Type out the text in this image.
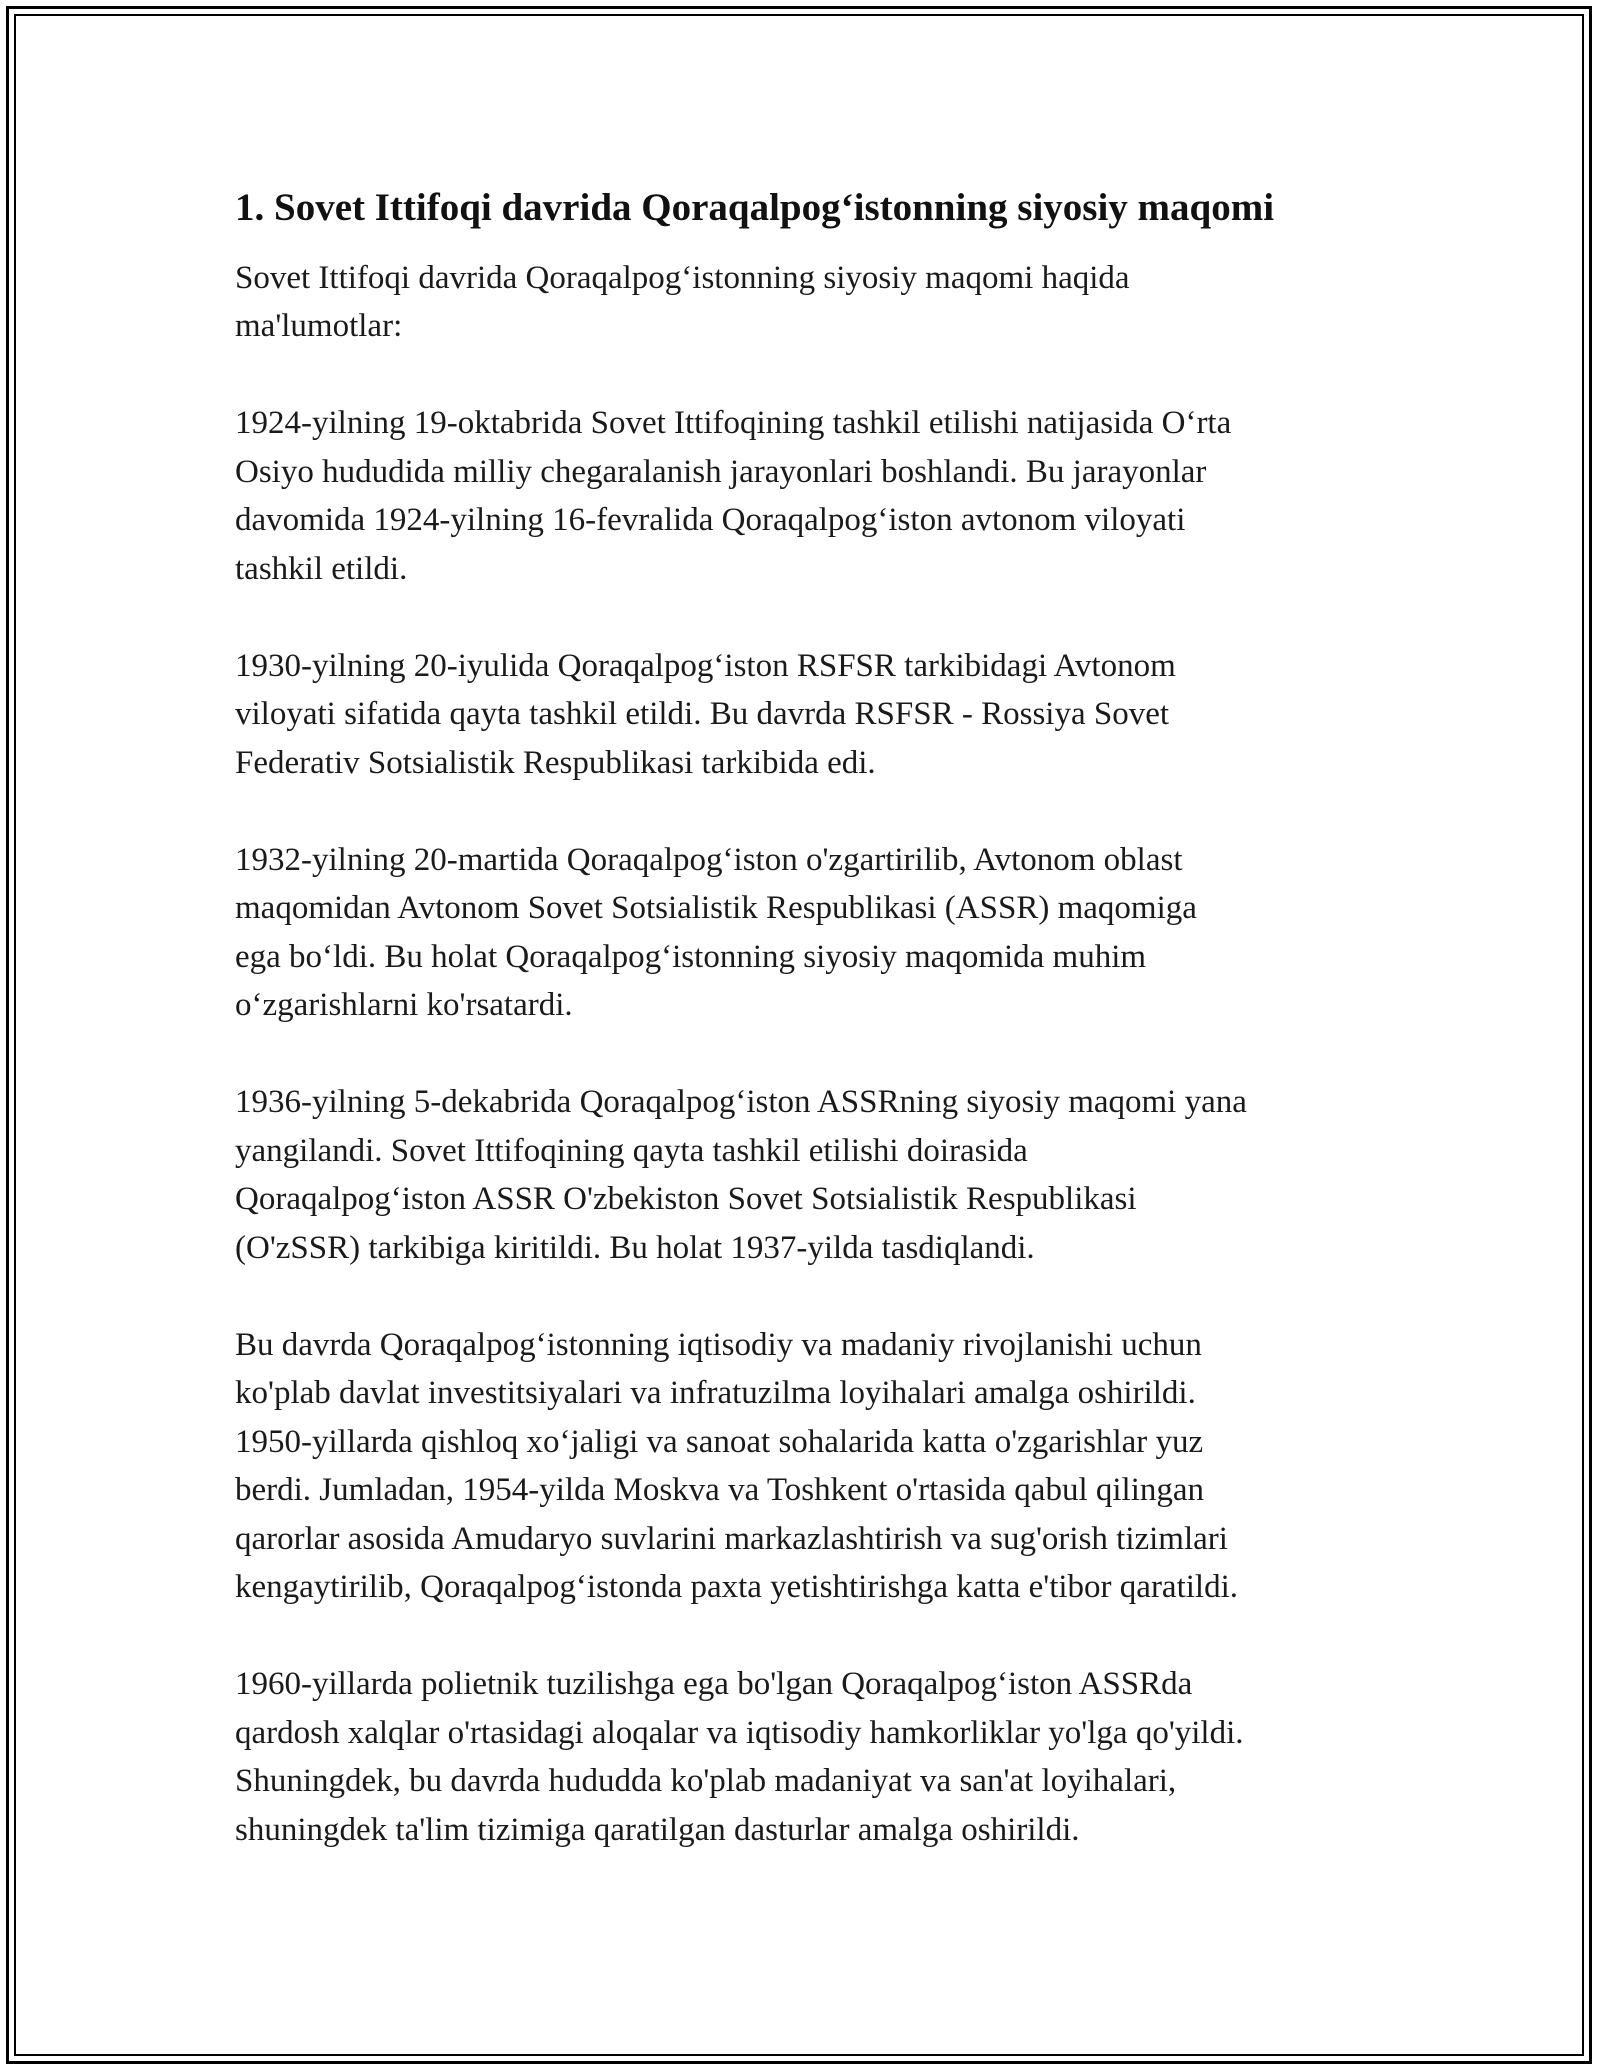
1. Sovet Ittifoqi davrida Qoraqalpog‘istonning siyosiy maqomi

Sovet Ittifoqi davrida Qoraqalpog‘istonning siyosiy maqomi haqida
ma'lumotlar:

1924-yilning 19-oktabrida Sovet Ittifoqining tashkil etilishi natijasida O‘rta
Osiyo hududida milliy chegaralanish jarayonlari boshlandi. Bu jarayonlar
davomida 1924-yilning 16-fevralida Qoraqalpog‘iston avtonom viloyati
tashkil etildi.

1930-yilning 20-iyulida Qoraqalpog‘iston RSFSR tarkibidagi Avtonom
viloyati sifatida qayta tashkil etildi. Bu davrda RSFSR - Rossiya Sovet
Federativ Sotsialistik Respublikasi tarkibida edi.

1932-yilning 20-martida Qoraqalpog‘iston o'zgartirilib, Avtonom oblast
maqomidan Avtonom Sovet Sotsialistik Respublikasi (ASSR) maqomiga
ega bo‘ldi. Bu holat Qoraqalpog‘istonning siyosiy maqomida muhim
o‘zgarishlarni ko'rsatardi.

1936-yilning 5-dekabrida Qoraqalpog‘iston ASSRning siyosiy maqomi yana
yangilandi. Sovet Ittifoqining qayta tashkil etilishi doirasida
Qoraqalpog‘iston ASSR O'zbekiston Sovet Sotsialistik Respublikasi
(O'zSSR) tarkibiga kiritildi. Bu holat 1937-yilda tasdiqlandi.

Bu davrda Qoraqalpog‘istonning iqtisodiy va madaniy rivojlanishi uchun
ko'plab davlat investitsiyalari va infratuzilma loyihalari amalga oshirildi.
1950-yillarda qishloq xo‘jaligi va sanoat sohalarida katta o'zgarishlar yuz
berdi. Jumladan, 1954-yilda Moskva va Toshkent o'rtasida qabul qilingan
qarorlar asosida Amudaryo suvlarini markazlashtirish va sug'orish tizimlari
kengaytirilib, Qoraqalpog‘istonda paxta yetishtirishga katta e'tibor qaratildi.

1960-yillarda polietnik tuzilishga ega bo'lgan Qoraqalpog‘iston ASSRda
qardosh xalqlar o'rtasidagi aloqalar va iqtisodiy hamkorliklar yo'lga qo'yildi.
Shuningdek, bu davrda hududda ko'plab madaniyat va san'at loyihalari,
shuningdek ta'lim tizimiga qaratilgan dasturlar amalga oshirildi.
